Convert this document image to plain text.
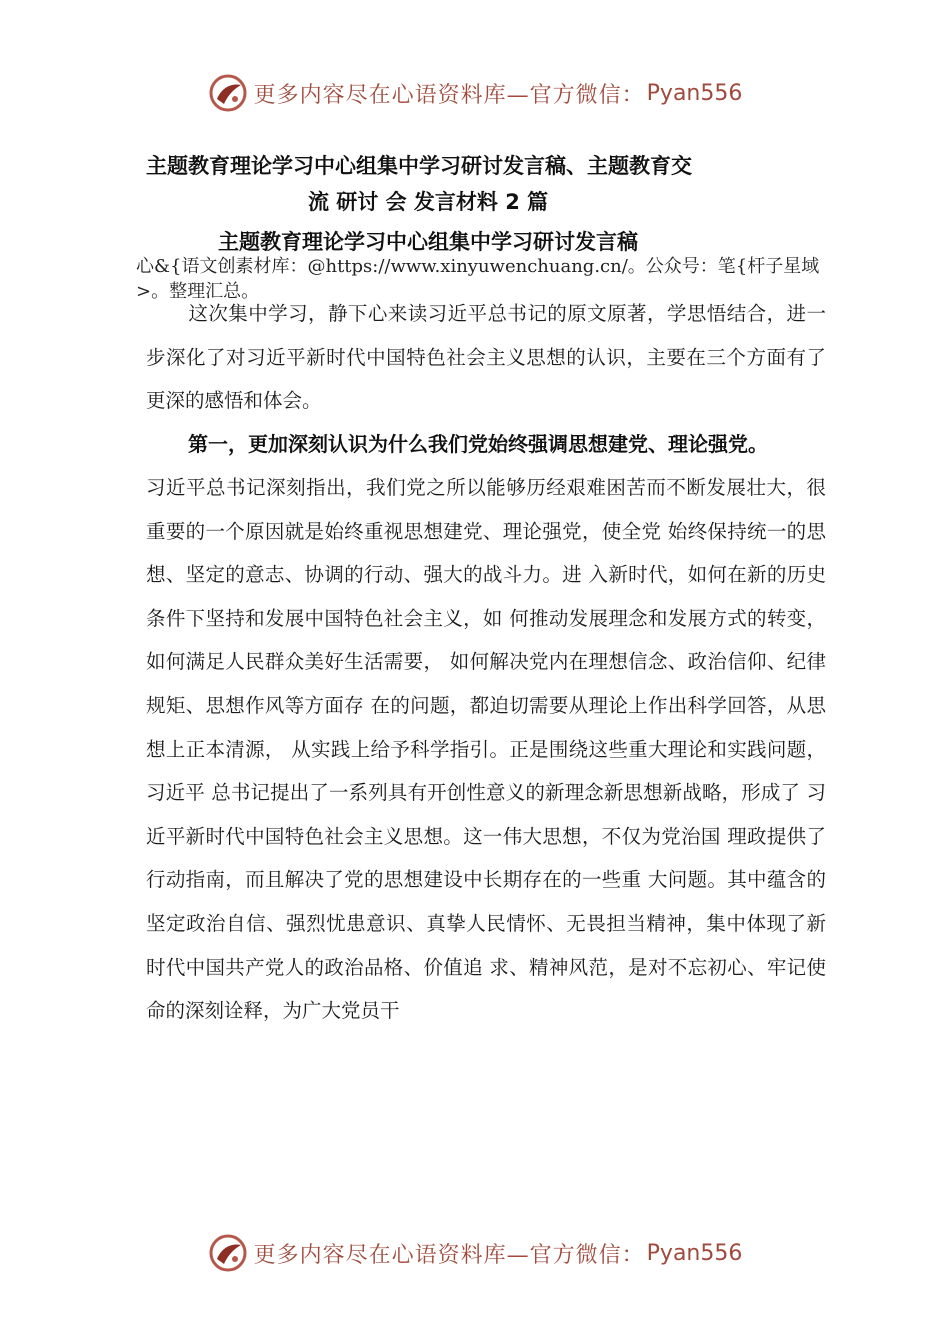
更多内容尽在心语资料库—官方微信： Pyan556
主题教育理论学习中心组集中学习研讨发言稿、主题教育交
流 研讨 会 发言材料 2 篇
主题教育理论学习中心组集中学习研讨发言稿
心&{语文创素材库：@https://www.xinyuwenchuang.cn/。公众号：笔{杆子星域>。整理汇总。

这次集中学习，静下心来读习近平总书记的原文原著，学思悟结合，进一步深化了对习近平新时代中国特色社会主义思想的认识，主要在三个方面有了更深的感悟和体会。

第一，更加深刻认识为什么我们党始终强调思想建党、理论强党。

习近平总书记深刻指出，我们党之所以能够历经艰难困苦而不断发展壮大，很重要的一个原因就是始终重视思想建党、理论强党，使全党 始终保持统一的思想、坚定的意志、协调的行动、强大的战斗力。进 入新时代，如何在新的历史条件下坚持和发展中国特色社会主义，如 何推动发展理念和发展方式的转变，如何满足人民群众美好生活需要， 如何解决党内在理想信念、政治信仰、纪律规矩、思想作风等方面存 在的问题，都迫切需要从理论上作出科学回答，从思想上正本清源， 从实践上给予科学指引。正是围绕这些重大理论和实践问题，习近平 总书记提出了一系列具有开创性意义的新理念新思想新战略，形成了 习近平新时代中国特色社会主义思想。这一伟大思想，不仅为党治国 理政提供了行动指南，而且解决了党的思想建设中长期存在的一些重 大问题。其中蕴含的坚定政治自信、强烈忧患意识、真挚人民情怀、无畏担当精神，集中体现了新时代中国共产党人的政治品格、价值追 求、精神风范，是对不忘初心、牢记使命的深刻诠释，为广大党员干

更多内容尽在心语资料库—官方微信： Pyan556
